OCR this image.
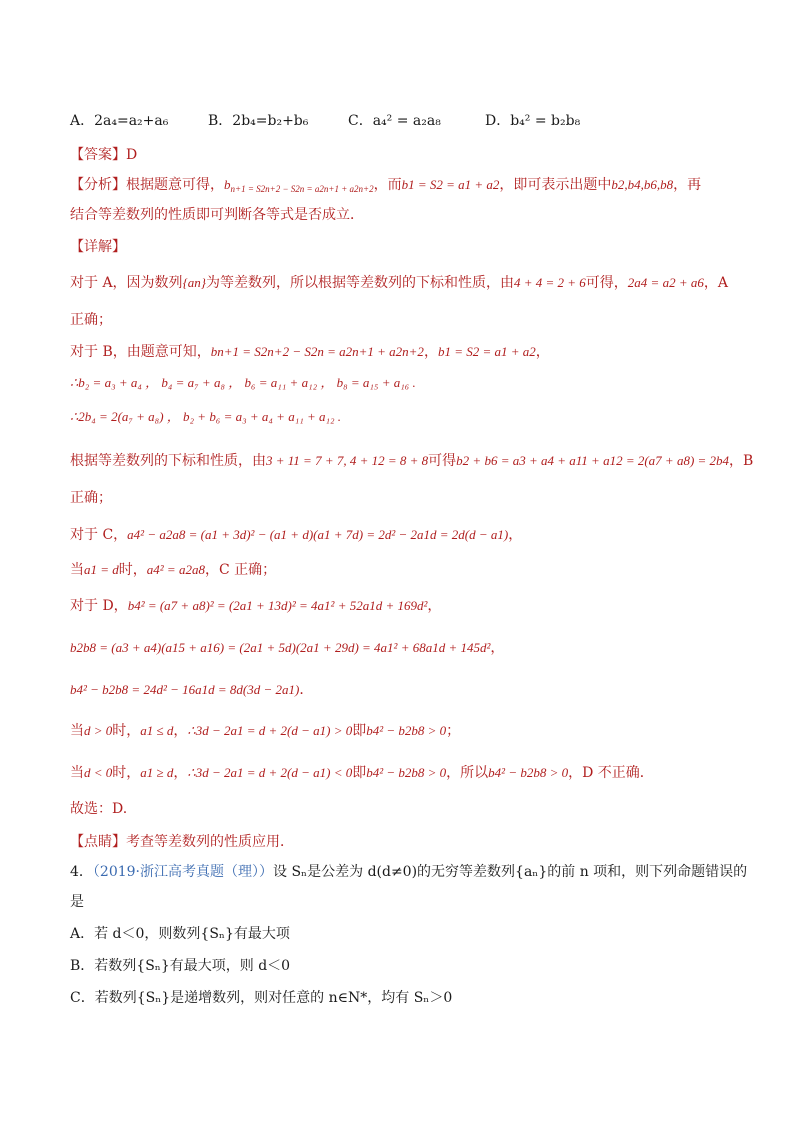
A．2a₄=a₂+a₆	B．2b₄=b₂+b₆	C．a₄² = a₂a₈	D．b₄² = b₂b₈
【答案】D
【分析】根据题意可得，$b_{n+1 = S2n+2 - S2n = a2n+1 + a2n+2}$，而b1 = S2 = a1 + a2，即可表示出题中b2,b4,b6,b8，再
结合等差数列的性质即可判断各等式是否成立．
【详解】
对于 A，因为数列{an}为等差数列，所以根据等差数列的下标和性质，由4 + 4 = 2 + 6可得，2a4 = a2 + a6，A
正确；
对于 B，由题意可知，bn+1 = S2n+2 − S2n = a2n+1 + a2n+2，b1 = S2 = a1 + a2，
∴b₂ = a₃ + a₄ ， b₄ = a₇ + a₈ ， b₆ = a₁₁ + a₁₂ ， b₈ = a₁₅ + a₁₆ .
∴2b₄ = 2(a₇ + a₈) ， b₂ + b₆ = a₃ + a₄ + a₁₁ + a₁₂ .
根据等差数列的下标和性质，由3 + 11 = 7 + 7, 4 + 12 = 8 + 8可得b2 + b6 = a3 + a4 + a11 + a12 = 2(a7 + a8) = 2b4，B
正确；
对于 C，a4² − a2a8 = (a1 + 3d)² − (a1 + d)(a1 + 7d) = 2d² − 2a1d = 2d(d − a1)，
当a1 = d时，a4² = a2a8，C 正确；
对于 D，b4² = (a7 + a8)² = (2a1 + 13d)² = 4a1² + 52a1d + 169d²，
b2b8 = (a3 + a4)(a15 + a16) = (2a1 + 5d)(2a1 + 29d) = 4a1² + 68a1d + 145d²，
b4² − b2b8 = 24d² − 16a1d = 8d(3d − 2a1)．
当d > 0时，a1 ≤ d，∴3d − 2a1 = d + 2(d − a1) > 0即b4² − b2b8 > 0；
当d < 0时，a1 ≥ d，∴3d − 2a1 = d + 2(d − a1) < 0即b4² − b2b8 > 0，所以b4² − b2b8 > 0，D 不正确．
故选：D.
【点睛】考查等差数列的性质应用．
4．（2019·浙江高考真题（理））设 Sₙ是公差为 d(d≠0)的无穷等差数列{aₙ}的前 n 项和，则下列命题错误的
是
A．若 d＜0，则数列{Sₙ}有最大项
B．若数列{Sₙ}有最大项，则 d＜0
C．若数列{Sₙ}是递增数列，则对任意的 n∈N*，均有 Sₙ＞0
